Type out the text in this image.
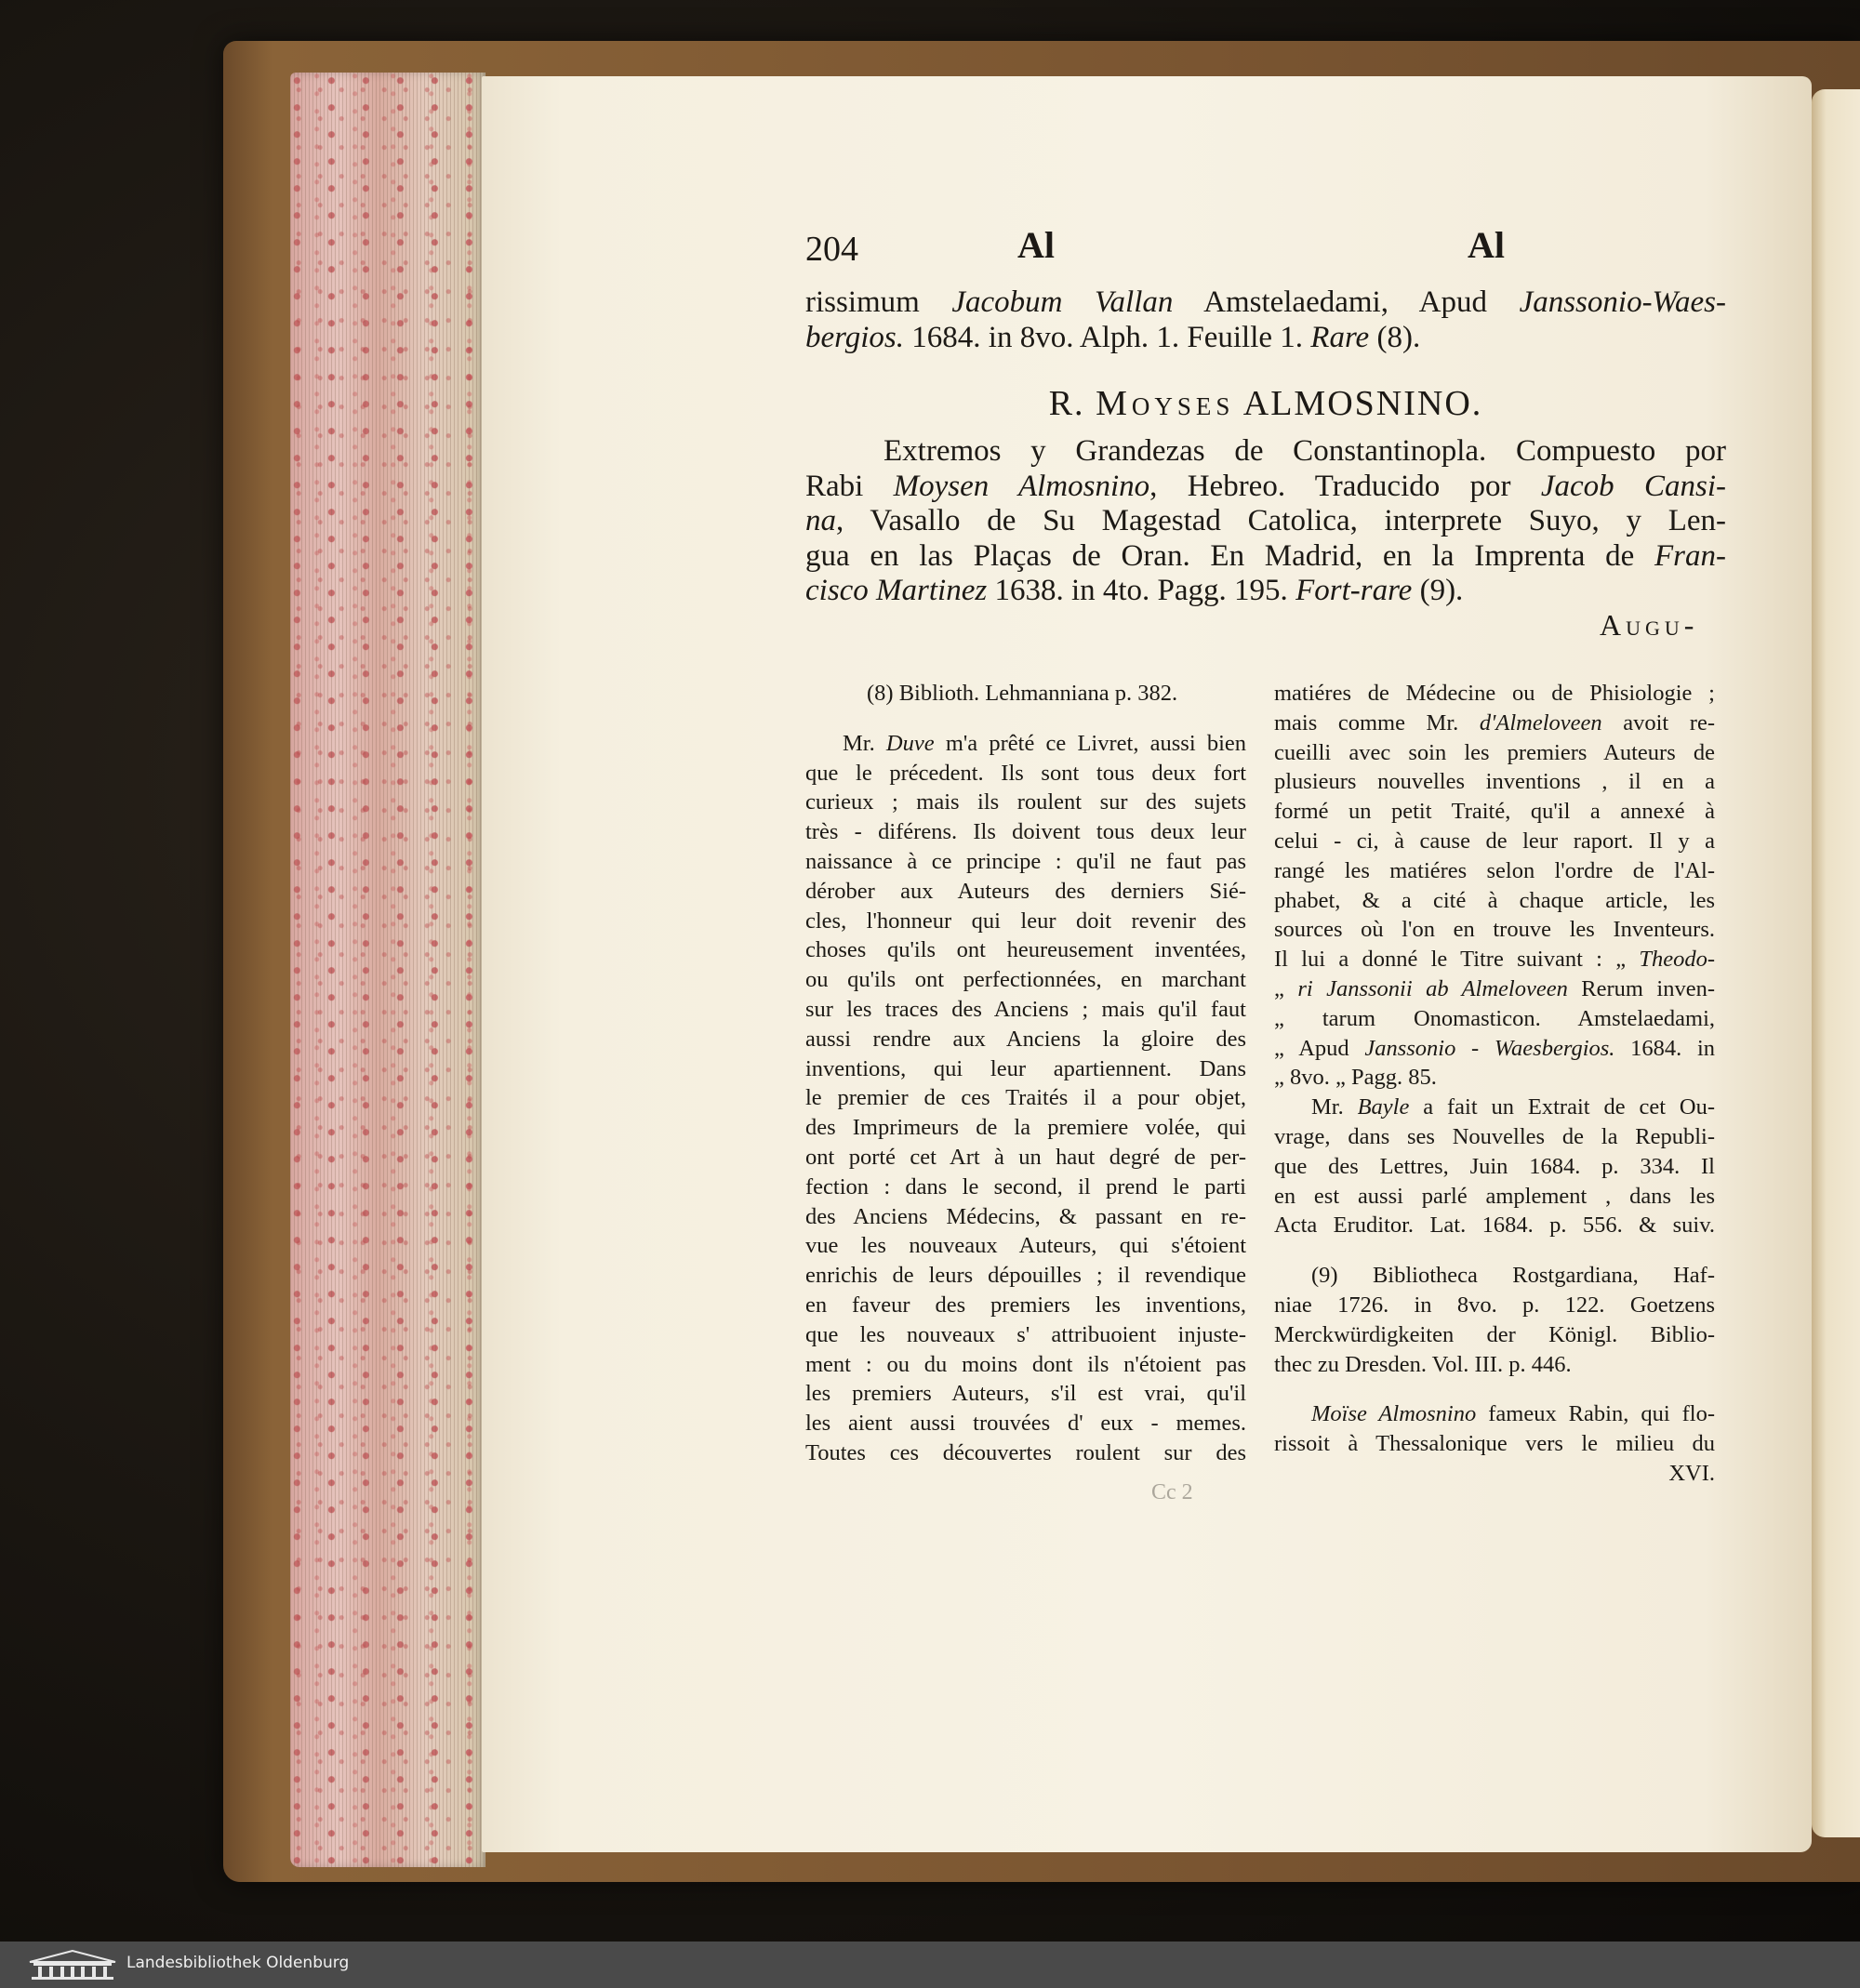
204	Al	Al
rissimum Jacobum Vallan Amstelaedami, Apud Janssonio-Waes-
bergios. 1684. in 8vo. Alph. 1. Feuille 1. Rare (8).
R. Moyses ALMOSNINO.
Extremos y Grandezas de Constantinopla. Compuesto por
Rabi Moysen Almosnino, Hebreo. Traducido por Jacob Cansi-
na, Vasallo de Su Magestad Catolica, interprete Suyo, y Len-
gua en las Plaças de Oran. En Madrid, en la Imprenta de Fran-
cisco Martinez 1638. in 4to. Pagg. 195. Fort-rare (9).
Augu-
(8) Biblioth. Lehmanniana p. 382.
Mr. Duve m'a prêté ce Livret, aussi bien
que le précedent. Ils sont tous deux fort
curieux ; mais ils roulent sur des sujets
très - diférens. Ils doivent tous deux leur
naissance à ce principe : qu'il ne faut pas
dérober aux Auteurs des derniers Sié-
cles, l'honneur qui leur doit revenir des
choses qu'ils ont heureusement inventées,
ou qu'ils ont perfectionnées, en marchant
sur les traces des Anciens ; mais qu'il faut
aussi rendre aux Anciens la gloire des
inventions, qui leur apartiennent. Dans
le premier de ces Traités il a pour objet,
des Imprimeurs de la premiere volée, qui
ont porté cet Art à un haut degré de per-
fection : dans le second, il prend le parti
des Anciens Médecins, & passant en re-
vue les nouveaux Auteurs, qui s'étoient
enrichis de leurs dépouilles ; il revendique
en faveur des premiers les inventions,
que les nouveaux s' attribuoient injuste-
ment : ou du moins dont ils n'étoient pas
les premiers Auteurs, s'il est vrai, qu'il
les aient aussi trouvées d' eux - memes.
Toutes ces découvertes roulent sur des
matiéres de Médecine ou de Phisiologie ;
mais comme Mr. d'Almeloveen avoit re-
cueilli avec soin les premiers Auteurs de
plusieurs nouvelles inventions , il en a
formé un petit Traité, qu'il a annexé à
celui - ci, à cause de leur raport. Il y a
rangé les matiéres selon l'ordre de l'Al-
phabet, & a cité à chaque article, les
sources où l'on en trouve les Inventeurs.
Il lui a donné le Titre suivant : „ Theodo-
„ ri Janssonii ab Almeloveen Rerum inven-
„ tarum Onomasticon. Amstelaedami,
„ Apud Janssonio - Waesbergios. 1684. in
„ 8vo. „ Pagg. 85.
Mr. Bayle a fait un Extrait de cet Ou-
vrage, dans ses Nouvelles de la Republi-
que des Lettres, Juin 1684. p. 334. Il
en est aussi parlé amplement , dans les
Acta Eruditor. Lat. 1684. p. 556. & suiv.
(9) Bibliotheca Rostgardiana, Haf-
niae 1726. in 8vo. p. 122. Goetzens
Merckwürdigkeiten der Königl. Biblio-
thec zu Dresden. Vol. III. p. 446.
Moïse Almosnino fameux Rabin, qui flo-
rissoit à Thessalonique vers le milieu du
XVI.
Cc 2
Landesbibliothek Oldenburg
